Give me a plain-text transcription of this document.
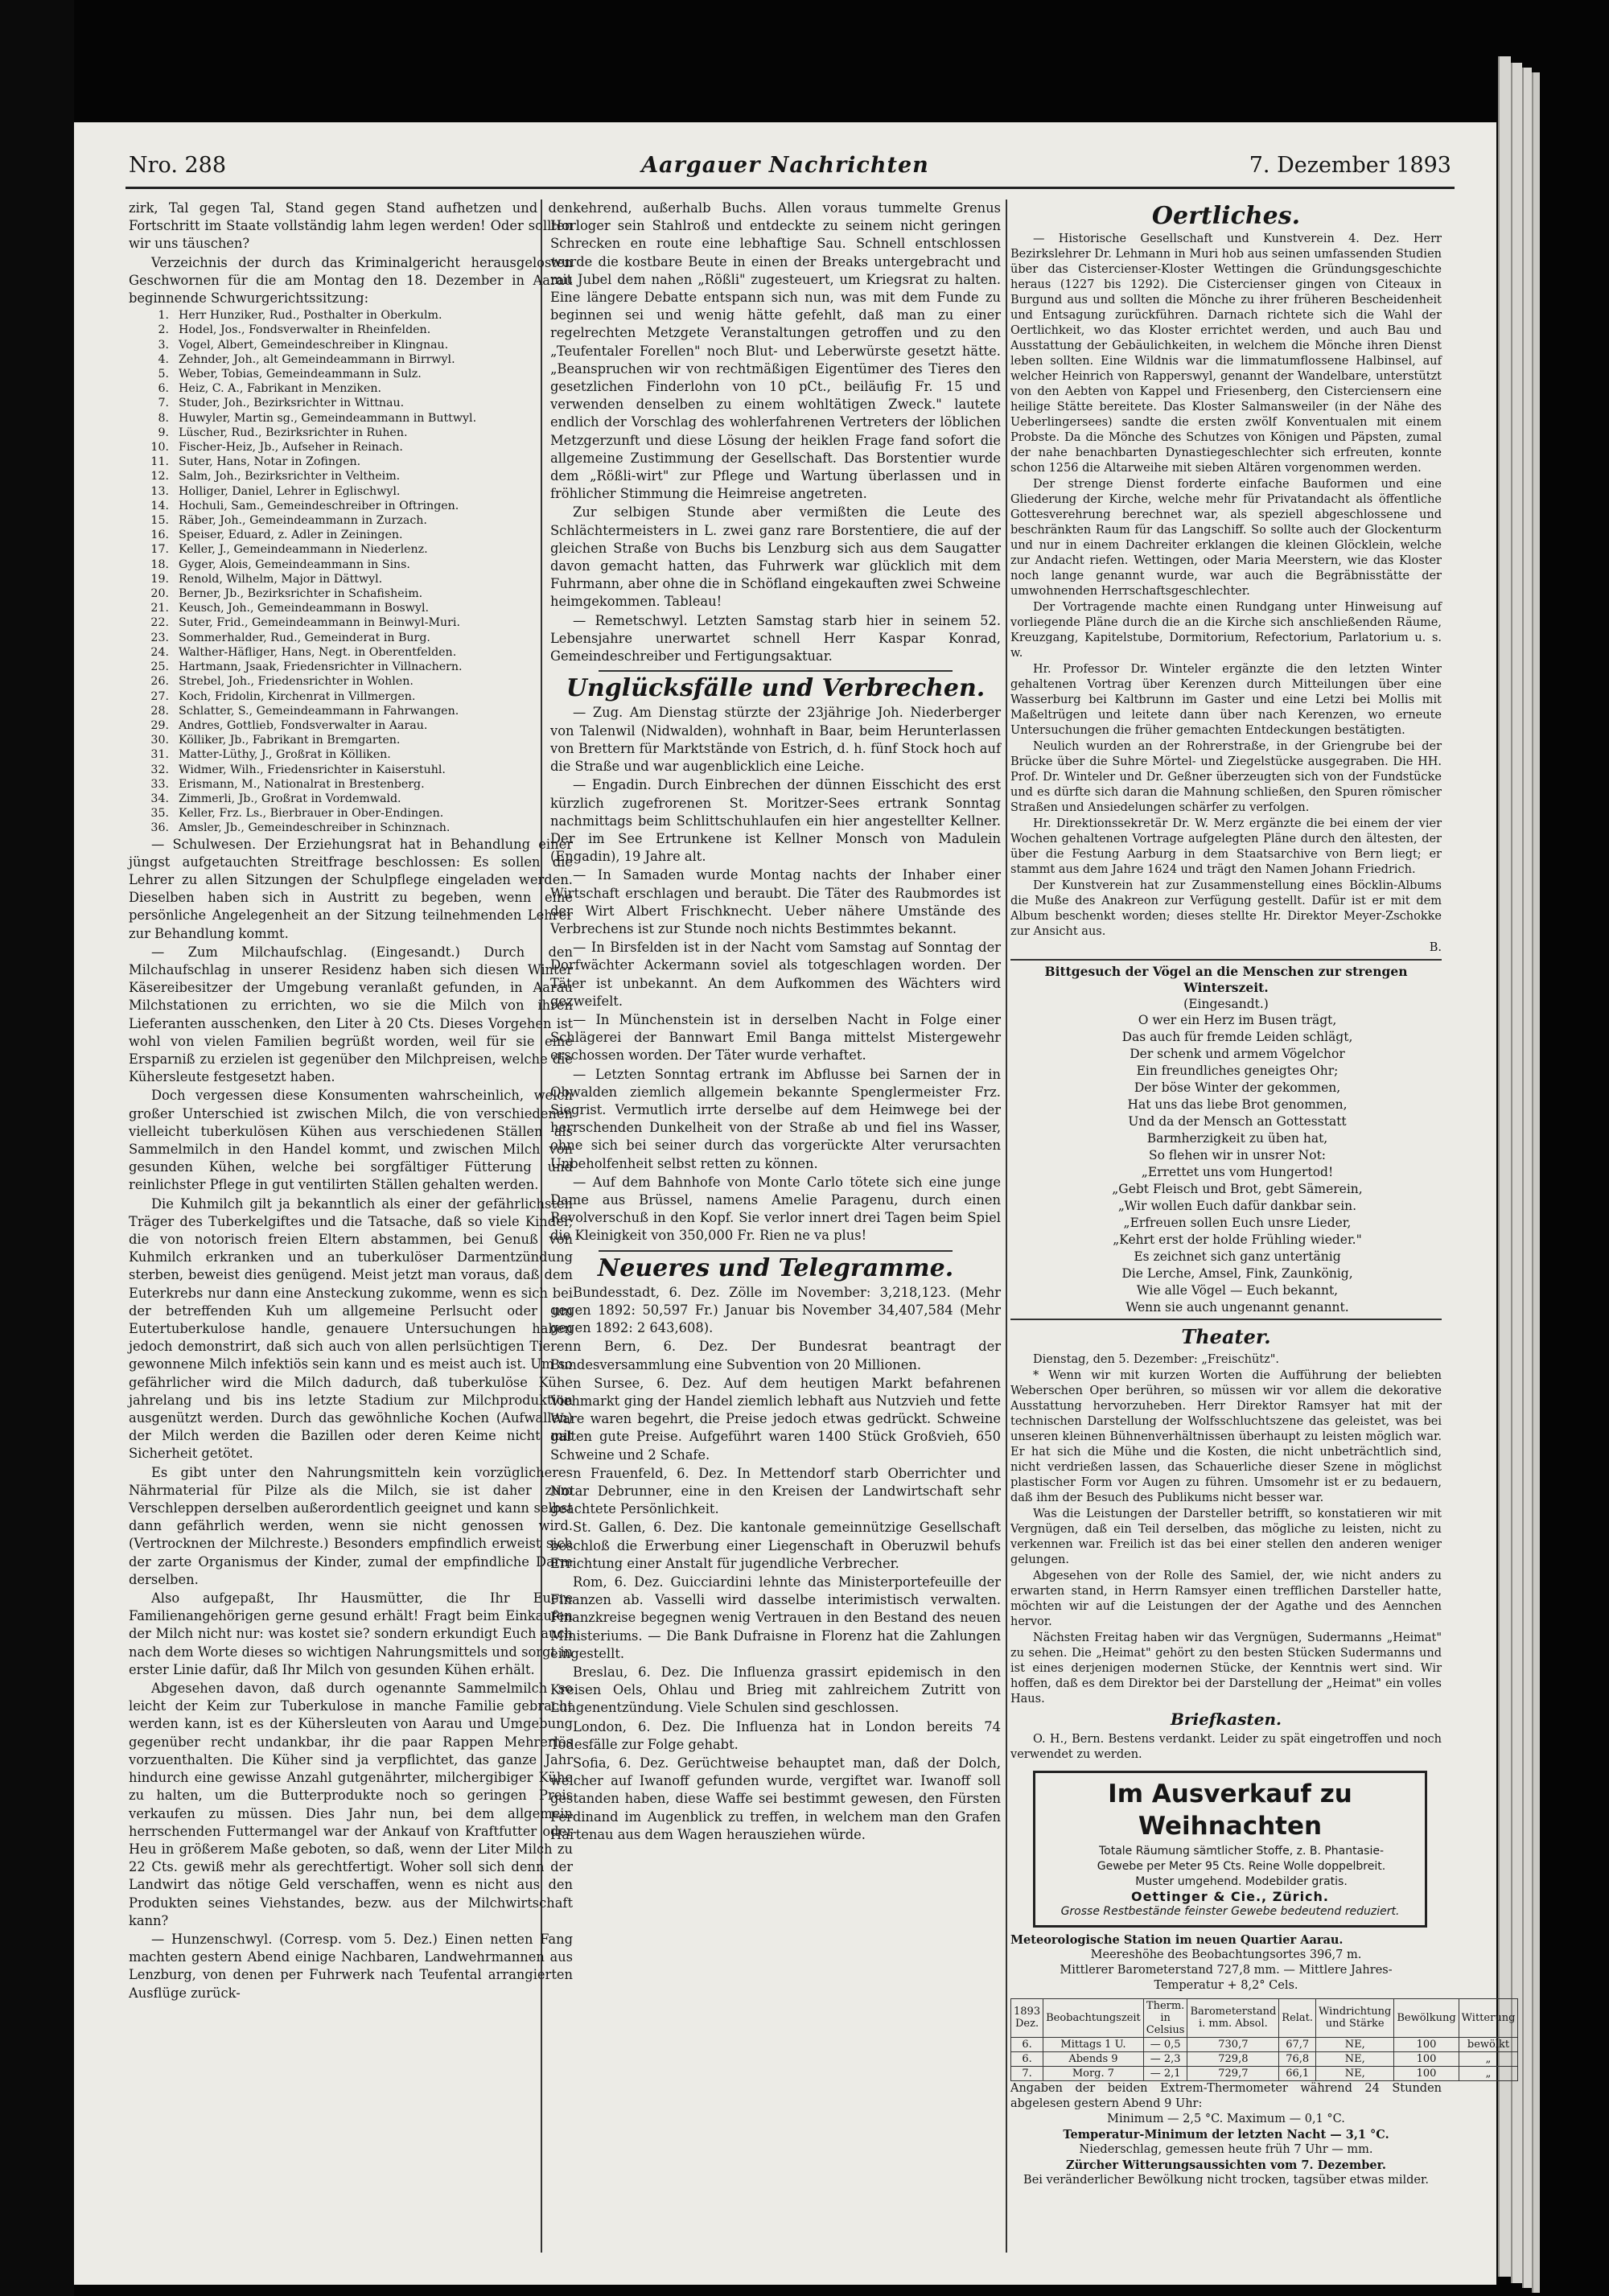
Nro. 288	Aargauer Nachrichten	7. Dezember 1893

zirk, Tal gegen Tal, Stand gegen Stand aufhetzen und den Fortschritt im Staate vollständig lahm legen werden! Oder sollten wir uns täuschen?

Verzeichnis der durch das Kriminalgericht herausgelosten Geschwornen für die am Montag den 18. Dezember in Aarau beginnende Schwurgerichtssitzung:

1. Herr Hunziker, Rud., Posthalter in Oberkulm.
2. Hodel, Jos., Fondsverwalter in Rheinfelden.
3. Vogel, Albert, Gemeindeschreiber in Klingnau.
4. Zehnder, Joh., alt Gemeindeammann in Birrwyl.
5. Weber, Tobias, Gemeindeammann in Sulz.
6. Heiz, C. A., Fabrikant in Menziken.
7. Studer, Joh., Bezirksrichter in Wittnau.
8. Huwyler, Martin sg., Gemeindeammann in Buttwyl.
9. Lüscher, Rud., Bezirksrichter in Ruhen.
10. Fischer-Heiz, Jb., Aufseher in Reinach.
11. Suter, Hans, Notar in Zofingen.
12. Salm, Joh., Bezirksrichter in Veltheim.
13. Holliger, Daniel, Lehrer in Eglischwyl.
14. Hochuli, Sam., Gemeindeschreiber in Oftringen.
15. Räber, Joh., Gemeindeammann in Zurzach.
16. Speiser, Eduard, z. Adler in Zeiningen.
17. Keller, J., Gemeindeammann in Niederlenz.
18. Gyger, Alois, Gemeindeammann in Sins.
19. Renold, Wilhelm, Major in Dättwyl.
20. Berner, Jb., Bezirksrichter in Schafisheim.
21. Keusch, Joh., Gemeindeammann in Boswyl.
22. Suter, Frid., Gemeindeammann in Beinwyl-Muri.
23. Sommerhalder, Rud., Gemeinderat in Burg.
24. Walther-Häfliger, Hans, Negt. in Oberentfelden.
25. Hartmann, Jsaak, Friedensrichter in Villnachern.
26. Strebel, Joh., Friedensrichter in Wohlen.
27. Koch, Fridolin, Kirchenrat in Villmergen.
28. Schlatter, S., Gemeindeammann in Fahrwangen.
29. Andres, Gottlieb, Fondsverwalter in Aarau.
30. Kölliker, Jb., Fabrikant in Bremgarten.
31. Matter-Lüthy, J., Großrat in Kölliken.
32. Widmer, Wilh., Friedensrichter in Kaiserstuhl.
33. Erismann, M., Nationalrat in Brestenberg.
34. Zimmerli, Jb., Großrat in Vordemwald.
35. Keller, Frz. Ls., Bierbrauer in Ober-Endingen.
36. Amsler, Jb., Gemeindeschreiber in Schinznach.

— Schulwesen. Der Erziehungsrat hat in Behandlung einer jüngst aufgetauchten Streitfrage beschlossen: Es sollen die Lehrer zu allen Sitzungen der Schulpflege eingeladen werden. Dieselben haben sich in Austritt zu begeben, wenn eine persönliche Angelegenheit an der Sitzung teilnehmenden Lehrer zur Behandlung kommt.

— Zum Milchaufschlag. (Eingesandt.) Durch den Milchaufschlag in unserer Residenz haben sich diesen Winter Käsereibesitzer der Umgebung veranlaßt gefunden, in Aarau Milchstationen zu errichten, wo sie die Milch von ihren Lieferanten ausschenken, den Liter à 20 Cts. Dieses Vorgehen ist wohl von vielen Familien begrüßt worden, weil für sie eine Ersparniß zu erzielen ist gegenüber den Milchpreisen, welche die Kühersleute festgesetzt haben.

Doch vergessen diese Konsumenten wahrscheinlich, welch großer Unterschied ist zwischen Milch, die von verschiedenen vielleicht tuberkulösen Kühen aus verschiedenen Ställen als Sammelmilch in den Handel kommt, und zwischen Milch von gesunden Kühen, welche bei sorgfältiger Fütterung und reinlichster Pflege in gut ventilirten Ställen gehalten werden.

Die Kuhmilch gilt ja bekanntlich als einer der gefährlichsten Träger des Tuberkelgiftes und die Tatsache, daß so viele Kinder, die von notorisch freien Eltern abstammen, bei Genuß von Kuhmilch erkranken und an tuberkulöser Darmentzündung sterben, beweist dies genügend. Meist jetzt man voraus, daß dem Euterkrebs nur dann eine Ansteckung zukomme, wenn es sich bei der betreffenden Kuh um allgemeine Perlsucht oder um Eutertuberkulose handle, genauere Untersuchungen haben jedoch demonstrirt, daß sich auch von allen perlsüchtigen Tieren gewonnene Milch infektiös sein kann und es meist auch ist. Um so gefährlicher wird die Milch dadurch, daß tuberkulöse Kühe jahrelang und bis ins letzte Stadium zur Milchproduktion ausgenützt werden. Durch das gewöhnliche Kochen (Aufwallen) der Milch werden die Bazillen oder deren Keime nicht mit Sicherheit getötet.

Es gibt unter den Nahrungsmitteln kein vorzüglicheres Nährmaterial für Pilze als die Milch, sie ist daher zum Verschleppen derselben außerordentlich geeignet und kann selbst dann gefährlich werden, wenn sie nicht genossen wird. (Vertrocknen der Milchreste.) Besonders empfindlich erweist sich der zarte Organismus der Kinder, zumal der empfindliche Darm derselben.

Also aufgepaßt, Ihr Hausmütter, die Ihr Euere Familienangehörigen gerne gesund erhält! Fragt beim Einkaufen der Milch nicht nur: was kostet sie? sondern erkundigt Euch auch nach dem Worte dieses so wichtigen Nahrungsmittels und sorgt in erster Linie dafür, daß Ihr Milch von gesunden Kühen erhält.

Abgesehen davon, daß durch ogenannte Sammelmilch so leicht der Keim zur Tuberkulose in manche Familie gebracht werden kann, ist es der Kühersleuten von Aarau und Umgebung gegenüber recht undankbar, ihr die paar Rappen Mehrerlös vorzuenthalten. Die Küher sind ja verpflichtet, das ganze Jahr hindurch eine gewisse Anzahl gutgenährter, milchergibiger Kühe zu halten, um die Butterprodukte noch so geringen Preis verkaufen zu müssen. Dies Jahr nun, bei dem allgemein herrschenden Futtermangel war der Ankauf von Kraftfutter oder Heu in größerem Maße geboten, so daß, wenn der Liter Milch zu 22 Cts. gewiß mehr als gerechtfertigt. Woher soll sich denn der Landwirt das nötige Geld verschaffen, wenn es nicht aus den Produkten seines Viehstandes, bezw. aus der Milchwirtschaft kann?

— Hunzenschwyl. (Corresp. vom 5. Dez.) Einen netten Fang machten gestern Abend einige Nachbaren, Landwehrmannen aus Lenzburg, von denen per Fuhrwerk nach Teufental arrangierten Ausflüge zurück-

kehrend, außerhalb Buchs. Allen voraus tummelte Grenus Horloger sein Stahlroß und entdeckte zu seinem nicht geringen Schrecken en route eine lebhaftige Sau. Schnell entschlossen wurde die kostbare Beute in einen der Breaks untergebracht und mit Jubel dem nahen „Rößli" zugesteuert, um Kriegsrat zu halten. Eine längere Debatte entspann sich nun, was mit dem Funde zu beginnen sei und wenig hätte gefehlt, daß man zu einer regelrechten Metzgete Veranstaltungen getroffen und zu den „Teufentaler Forellen" noch Blut- und Leberwürste gesetzt hätte. „Beanspruchen wir von rechtmäßigen Eigentümer des Tieres den gesetzlichen Finderlohn von 10 pCt., beiläufig Fr. 15 und verwenden denselben zu einem wohltätigen Zweck." lautete endlich der Vorschlag des wohlerfahrenen Vertreters der löblichen Metzgerzunft und diese Lösung der heiklen Frage fand sofort die allgemeine Zustimmung der Gesellschaft. Das Borstentier wurde dem „Rößli-wirt" zur Pflege und Wartung überlassen und in fröhlicher Stimmung die Heimreise angetreten.

Zur selbigen Stunde aber vermißten die Leute des Schlächtermeisters in L. zwei ganz rare Borstentiere, die auf der gleichen Straße von Buchs bis Lenzburg sich aus dem Saugatter davon gemacht hatten, das Fuhrwerk war glücklich mit dem Fuhrmann, aber ohne die in Schöfland eingekauften zwei Schweine heimgekommen. Tableau!

— Remetschwyl. Letzten Samstag starb hier in seinem 52. Lebensjahre unerwartet schnell Herr Kaspar Konrad, Gemeindeschreiber und Fertigungsaktuar.

Unglücksfälle und Verbrechen.

— Zug. Am Dienstag stürzte der 23jährige Joh. Niederberger von Talenwil (Nidwalden), wohnhaft in Baar, beim Herunterlassen von Brettern für Marktstände von Estrich, d. h. fünf Stock hoch auf die Straße und war augenblicklich eine Leiche.

— Engadin. Durch Einbrechen der dünnen Eisschicht des erst kürzlich zugefrorenen St. Moritzer-Sees ertrank Sonntag nachmittags beim Schlittschuhlaufen ein hier angestellter Kellner. Der im See Ertrunkene ist Kellner Monsch von Madulein (Engadin), 19 Jahre alt.

— In Samaden wurde Montag nachts der Inhaber einer Wirtschaft erschlagen und beraubt. Die Täter des Raubmordes ist der Wirt Albert Frischknecht. Ueber nähere Umstände des Verbrechens ist zur Stunde noch nichts Bestimmtes bekannt.

— In Birsfelden ist in der Nacht vom Samstag auf Sonntag der Dorfwächter Ackermann soviel als totgeschlagen worden. Der Täter ist unbekannt. An dem Aufkommen des Wächters wird gezweifelt.

— In Münchenstein ist in derselben Nacht in Folge einer Schlägerei der Bannwart Emil Banga mittelst Mistergewehr erschossen worden. Der Täter wurde verhaftet.

— Letzten Sonntag ertrank im Abflusse bei Sarnen der in Obwalden ziemlich allgemein bekannte Spenglermeister Frz. Siegrist. Vermutlich irrte derselbe auf dem Heimwege bei der herrschenden Dunkelheit von der Straße ab und fiel ins Wasser, ohne sich bei seiner durch das vorgerückte Alter verursachten Unbeholfenheit selbst retten zu können.

— Auf dem Bahnhofe von Monte Carlo tötete sich eine junge Dame aus Brüssel, namens Amelie Paragenu, durch einen Revolverschuß in den Kopf. Sie verlor innert drei Tagen beim Spiel die Kleinigkeit von 350,000 Fr. Rien ne va plus!

Neueres und Telegramme.

Bundesstadt, 6. Dez. Zölle im November: 3,218,123. (Mehr gegen 1892: 50,597 Fr.) Januar bis November 34,407,584 (Mehr gegen 1892: 2 643,608).

n Bern, 6. Dez. Der Bundesrat beantragt der Bundesversammlung eine Subvention von 20 Millionen.

n Sursee, 6. Dez. Auf dem heutigen Markt befahrenen Viehmarkt ging der Handel ziemlich lebhaft aus Nutzvieh und fette Ware waren begehrt, die Preise jedoch etwas gedrückt. Schweine galten gute Preise. Aufgeführt waren 1400 Stück Großvieh, 650 Schweine und 2 Schafe.

n Frauenfeld, 6. Dez. In Mettendorf starb Oberrichter und Notar Debrunner, eine in den Kreisen der Landwirtschaft sehr geachtete Persönlichkeit.

St. Gallen, 6. Dez. Die kantonale gemeinnützige Gesellschaft beschloß die Erwerbung einer Liegenschaft in Oberuzwil behufs Errichtung einer Anstalt für jugendliche Verbrecher.

Rom, 6. Dez. Guicciardini lehnte das Ministerportefeuille der Finanzen ab. Vasselli wird dasselbe interimistisch verwalten. Finanzkreise begegnen wenig Vertrauen in den Bestand des neuen Ministeriums. — Die Bank Dufraisne in Florenz hat die Zahlungen eingestellt.

Breslau, 6. Dez. Die Influenza grassirt epidemisch in den Kreisen Oels, Ohlau und Brieg mit zahlreichem Zutritt von Lungenentzündung. Viele Schulen sind geschlossen.

London, 6. Dez. Die Influenza hat in London bereits 74 Todesfälle zur Folge gehabt.

Sofia, 6. Dez. Gerüchtweise behauptet man, daß der Dolch, welcher auf Iwanoff gefunden wurde, vergiftet war. Iwanoff soll gestanden haben, diese Waffe sei bestimmt gewesen, den Fürsten Ferdinand im Augenblick zu treffen, in welchem man den Grafen Hartenau aus dem Wagen herausziehen würde.

Oertliches.

— Historische Gesellschaft und Kunstverein 4. Dez. Herr Bezirkslehrer Dr. Lehmann in Muri hob aus seinen umfassenden Studien über das Cistercienser-Kloster Wettingen die Gründungsgeschichte heraus (1227 bis 1292). Die Cistercienser gingen von Citeaux in Burgund aus und sollten die Mönche zu ihrer früheren Bescheidenheit und Entsagung zurückführen. Darnach richtete sich die Wahl der Oertlichkeit, wo das Kloster errichtet werden, und auch Bau und Ausstattung der Gebäulichkeiten, in welchem die Mönche ihren Dienst leben sollten. Eine Wildnis war die limmatumflossene Halbinsel, auf welcher Heinrich von Rapperswyl, genannt der Wandelbare, unterstützt von den Aebten von Kappel und Friesenberg, den Cisterciensern eine heilige Stätte bereitete. Das Kloster Salmansweiler (in der Nähe des Ueberlingersees) sandte die ersten zwölf Konventualen mit einem Probste. Da die Mönche des Schutzes von Königen und Päpsten, zumal der nahe benachbarten Dynastiegeschlechter sich erfreuten, konnte schon 1256 die Altarweihe mit sieben Altären vorgenommen werden.

Der strenge Dienst forderte einfache Bauformen und eine Gliederung der Kirche, welche mehr für Privatandacht als öffentliche Gottesverehrung berechnet war, als speziell abgeschlossene und beschränkten Raum für das Langschiff. So sollte auch der Glockenturm und nur in einem Dachreiter erklangen die kleinen Glöcklein, welche zur Andacht riefen. Wettingen, oder Maria Meerstern, wie das Kloster noch lange genannt wurde, war auch die Begräbnisstätte der umwohnenden Herrschaftsgeschlechter.

Der Vortragende machte einen Rundgang unter Hinweisung auf vorliegende Pläne durch die an die Kirche sich anschließenden Räume, Kreuzgang, Kapitelstube, Dormitorium, Refectorium, Parlatorium u. s. w.

Hr. Professor Dr. Winteler ergänzte die den letzten Winter gehaltenen Vortrag über Kerenzen durch Mitteilungen über eine Wasserburg bei Kaltbrunn im Gaster und eine Letzi bei Mollis mit Maßeltrügen und leitete dann über nach Kerenzen, wo erneute Untersuchungen die früher gemachten Entdeckungen bestätigten.

Neulich wurden an der Rohrerstraße, in der Griengrube bei der Brücke über die Suhre Mörtel- und Ziegelstücke ausgegraben. Die HH. Prof. Dr. Winteler und Dr. Geßner überzeugten sich von der Fundstücke und es dürfte sich daran die Mahnung schließen, den Spuren römischer Straßen und Ansiedelungen schärfer zu verfolgen.

Hr. Direktionssekretär Dr. W. Merz ergänzte die bei einem der vier Wochen gehaltenen Vortrage aufgelegten Pläne durch den ältesten, der über die Festung Aarburg in dem Staatsarchive von Bern liegt; er stammt aus dem Jahre 1624 und trägt den Namen Johann Friedrich.

Der Kunstverein hat zur Zusammenstellung eines Böcklin-Albums die Muße des Anakreon zur Verfügung gestellt. Dafür ist er mit dem Album beschenkt worden; dieses stellte Hr. Direktor Meyer-Zschokke zur Ansicht aus.

B.
Bittgesuch der Vögel an die Menschen zur strengen Winterszeit.
(Eingesandt.)

O wer ein Herz im Busen trägt,

Das auch für fremde Leiden schlägt,

Der schenk und armem Vögelchor

Ein freundliches geneigtes Ohr;

Der böse Winter der gekommen,

Hat uns das liebe Brot genommen,

Und da der Mensch an Gottesstatt

Barmherzigkeit zu üben hat,

So flehen wir in unsrer Not:

„Errettet uns vom Hungertod!

„Gebt Fleisch und Brot, gebt Sämerein,

„Wir wollen Euch dafür dankbar sein.

„Erfreuen sollen Euch unsre Lieder,

„Kehrt erst der holde Frühling wieder."

Es zeichnet sich ganz untertänig

Die Lerche, Amsel, Fink, Zaunkönig,

Wie alle Vögel — Euch bekannt,

Wenn sie auch ungenannt genannt.

Theater.

Dienstag, den 5. Dezember: „Freischütz".

* Wenn wir mit kurzen Worten die Aufführung der beliebten Weberschen Oper berühren, so müssen wir vor allem die dekorative Ausstattung hervorzuheben. Herr Direktor Ramsyer hat mit der technischen Darstellung der Wolfsschluchtszene das geleistet, was bei unseren kleinen Bühnenverhältnissen überhaupt zu leisten möglich war. Er hat sich die Mühe und die Kosten, die nicht unbeträchtlich sind, nicht verdrießen lassen, das Schauerliche dieser Szene in möglichst plastischer Form vor Augen zu führen. Umsomehr ist er zu bedauern, daß ihm der Besuch des Publikums nicht besser war.

Was die Leistungen der Darsteller betrifft, so konstatieren wir mit Vergnügen, daß ein Teil derselben, das mögliche zu leisten, nicht zu verkennen war. Freilich ist das bei einer stellen den anderen weniger gelungen.

Abgesehen von der Rolle des Samiel, der, wie nicht anders zu erwarten stand, in Herrn Ramsyer einen trefflichen Darsteller hatte, möchten wir auf die Leistungen der der Agathe und des Aennchen hervor.

Nächsten Freitag haben wir das Vergnügen, Sudermanns „Heimat" zu sehen. Die „Heimat" gehört zu den besten Stücken Sudermanns und ist eines derjenigen modernen Stücke, der Kenntnis wert sind. Wir hoffen, daß es dem Direktor bei der Darstellung der „Heimat" ein volles Haus.

Briefkasten.

O. H., Bern. Bestens verdankt. Leider zu spät eingetroffen und noch verwendet zu werden.

Im Ausverkauf zu Weihnachten

Totale Räumung sämtlicher Stoffe, z. B. Phantasie-

Gewebe per Meter 95 Cts. Reine Wolle doppelbreit.

Muster umgehend. Modebilder gratis.

Oettinger & Cie., Zürich.
Grosse Restbestände feinster Gewebe bedeutend reduziert.
Meteorologische Station im neuen Quartier Aarau.
Meereshöhe des Beobachtungsortes 396,7 m.
Mittlerer Barometerstand 727,8 mm. — Mittlere Jahres-
Temperatur + 8,2° Cels.
1893 Dez.	Beobachtungszeit	Therm. in Celsius	Barometerstand i. mm. Absol.	Relat.	Windrichtung und Stärke	Bewölkung	Witterung
6.	Mittags 1 U.	— 0,5	730,7	67,7	NE,	100	bewölkt
6.	Abends 9	— 2,3	729,8	76,8	NE,	100	„
7.	Morg. 7	— 2,1	729,7	66,1	NE,	100	„
Angaben der beiden Extrem-Thermometer während 24 Stunden abgelesen gestern Abend 9 Uhr:
Minimum — 2,5 °C. Maximum — 0,1 °C.
Temperatur-Minimum der letzten Nacht — 3,1 °C.
Niederschlag, gemessen heute früh 7 Uhr — mm.
Zürcher Witterungsaussichten vom 7. Dezember.
Bei veränderlicher Bewölkung nicht trocken, tagsüber etwas milder.
